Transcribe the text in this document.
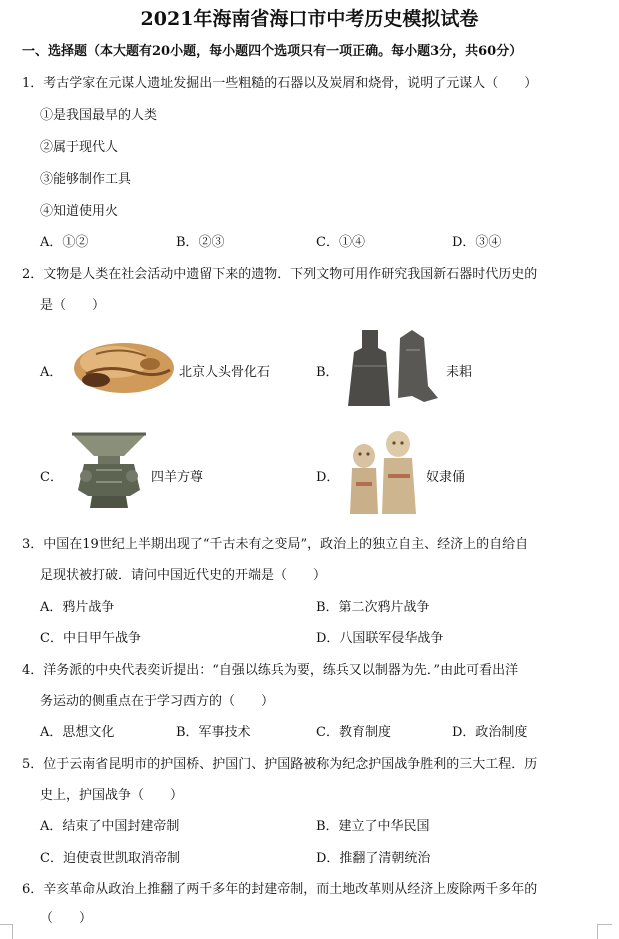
2021年海南省海口市中考历史模拟试卷
一、选择题（本大题有20小题，每小题四个选项只有一项正确。每小题3分，共60分）
1．考古学家在元谋人遗址发掘出一些粗糙的石器以及炭屑和烧骨，说明了元谋人（　　）
①是我国最早的人类
②属于现代人
③能够制作工具
④知道使用火
A．①②	B．②③	C．①④	D．③④
2．文物是人类在社会活动中遗留下来的遗物．下列文物可用作研究我国新石器时代历史的
是（　　）
A．	北京人头骨化石	B．	耒耜
C．	四羊方尊	D．	奴隶俑
3．中国在19世纪上半期出现了“千古未有之变局”，政治上的独立自主、经济上的自给自
足现状被打破．请问中国近代史的开端是（　　）
A．鸦片战争	B．第二次鸦片战争
C．中日甲午战争	D．八国联军侵华战争
4．洋务派的中央代表奕䜣提出：“自强以练兵为要，练兵又以制器为先．”由此可看出洋
务运动的侧重点在于学习西方的（　　）
A．思想文化	B．军事技术	C．教育制度	D．政治制度
5．位于云南省昆明市的护国桥、护国门、护国路被称为纪念护国战争胜利的三大工程．历
史上，护国战争（　　）
A．结束了中国封建帝制	B．建立了中华民国
C．迫使袁世凯取消帝制	D．推翻了清朝统治
6．辛亥革命从政治上推翻了两千多年的封建帝制，而土地改革则从经济上废除两千多年的
（　　）
